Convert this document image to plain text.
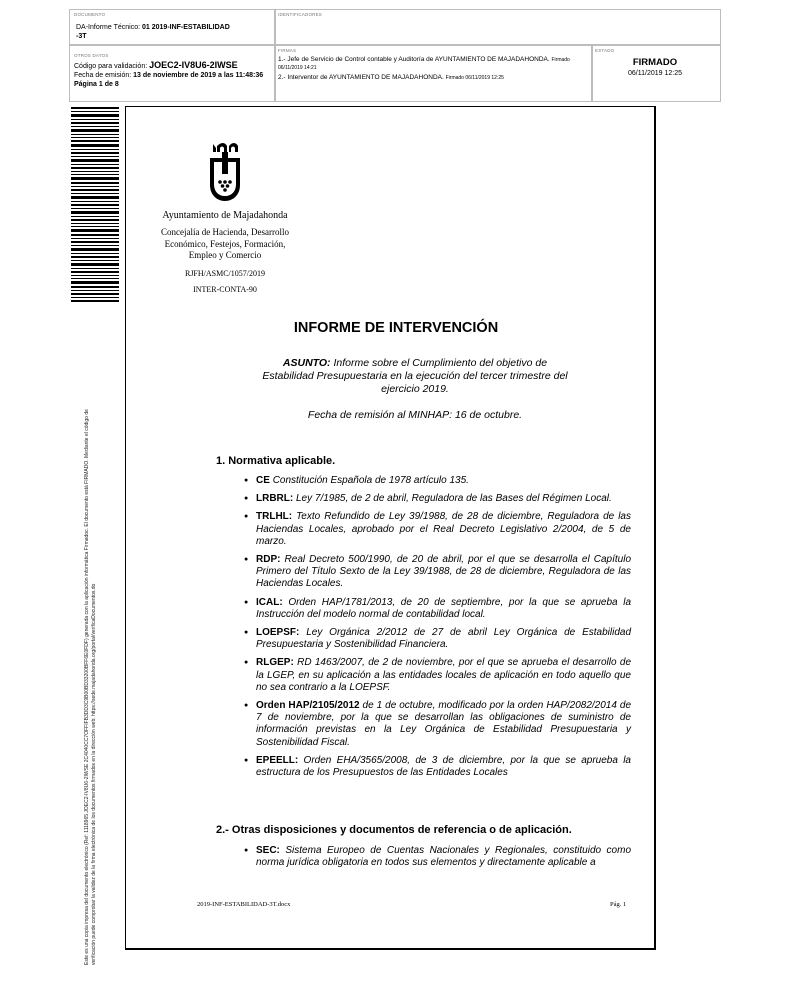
DOCUMENTO
DA-Informe Técnico: 01 2019-INF-ESTABILIDAD
-3T
IDENTIFICADORES
OTROS DATOS
Código para validación: JOEC2-IV8U6-2IWSE
Fecha de emisión: 13 de noviembre de 2019 a las 11:48:36
Página 1 de 8
FIRMAS
1.- Jefe de Servicio de Control contable y Auditoría de AYUNTAMIENTO DE MAJADAHONDA. Firmado
06/11/2019 14:21
2.- Interventor de AYUNTAMIENTO DE MAJADAHONDA. Firmado 06/11/2019 12:25
ESTADO
FIRMADO
06/11/2019 12:25
Este es una copia impresa del documento electrónico (Ref: 1118965 JOEC2-IV8U6-2IWSE 2C4040CC7OFFIFB3DD3C9B00BD33200BFF6E0FDF) generada con la aplicación informática Firmadoc. El documento está FIRMADO. Mediante el código de verificación puede comprobar la validez de la firma electrónica de los documentos firmados en la dirección web: https://sede.majadahonda.org/portal/verificaDocumentos.do
Ayuntamiento de Majadahonda
Concejalía de Hacienda, Desarrollo Económico, Festejos, Formación, Empleo y Comercio
RJFH/ASMC/1057/2019
INTER-CONTA-90
INFORME DE INTERVENCIÓN
ASUNTO: Informe sobre el Cumplimiento del objetivo de Estabilidad Presupuestaria en la ejecución del tercer trimestre del ejercicio 2019.
Fecha de remisión al MINHAP: 16 de octubre.
1. Normativa aplicable.
● CE Constitución Española de 1978 artículo 135.
● LRBRL: Ley 7/1985, de 2 de abril, Reguladora de las Bases del Régimen Local.
● TRLHL: Texto Refundido de Ley 39/1988, de 28 de diciembre, Reguladora de las Haciendas Locales, aprobado por el Real Decreto Legislativo 2/2004, de 5 de marzo.
● RDP: Real Decreto 500/1990, de 20 de abril, por el que se desarrolla el Capítulo Primero del Título Sexto de la Ley 39/1988, de 28 de diciembre, Reguladora de las Haciendas Locales.
● ICAL: Orden HAP/1781/2013, de 20 de septiembre, por la que se aprueba la Instrucción del modelo normal de contabilidad local.
● LOEPSF: Ley Orgánica 2/2012 de 27 de abril Ley Orgánica de Estabilidad Presupuestaria y Sostenibilidad Financiera.
● RLGEP: RD 1463/2007, de 2 de noviembre, por el que se aprueba el desarrollo de la LGEP, en su aplicación a las entidades locales de aplicación en todo aquello que no sea contrario a la LOEPSF.
● Orden HAP/2105/2012 de 1 de octubre, modificado por la orden HAP/2082/2014 de 7 de noviembre, por la que se desarrollan las obligaciones de suministro de información previstas en la Ley Orgánica de Estabilidad Presupuestaria y Sostenibilidad Fiscal.
● EPEELL: Orden EHA/3565/2008, de 3 de diciembre, por la que se aprueba la estructura de los Presupuestos de las Entidades Locales
2.- Otras disposiciones y documentos de referencia o de aplicación.
● SEC: Sistema Europeo de Cuentas Nacionales y Regionales, constituido como norma jurídica obligatoria en todos sus elementos y directamente aplicable a
2019-INF-ESTABILIDAD-3T.docx	Pág. 1
